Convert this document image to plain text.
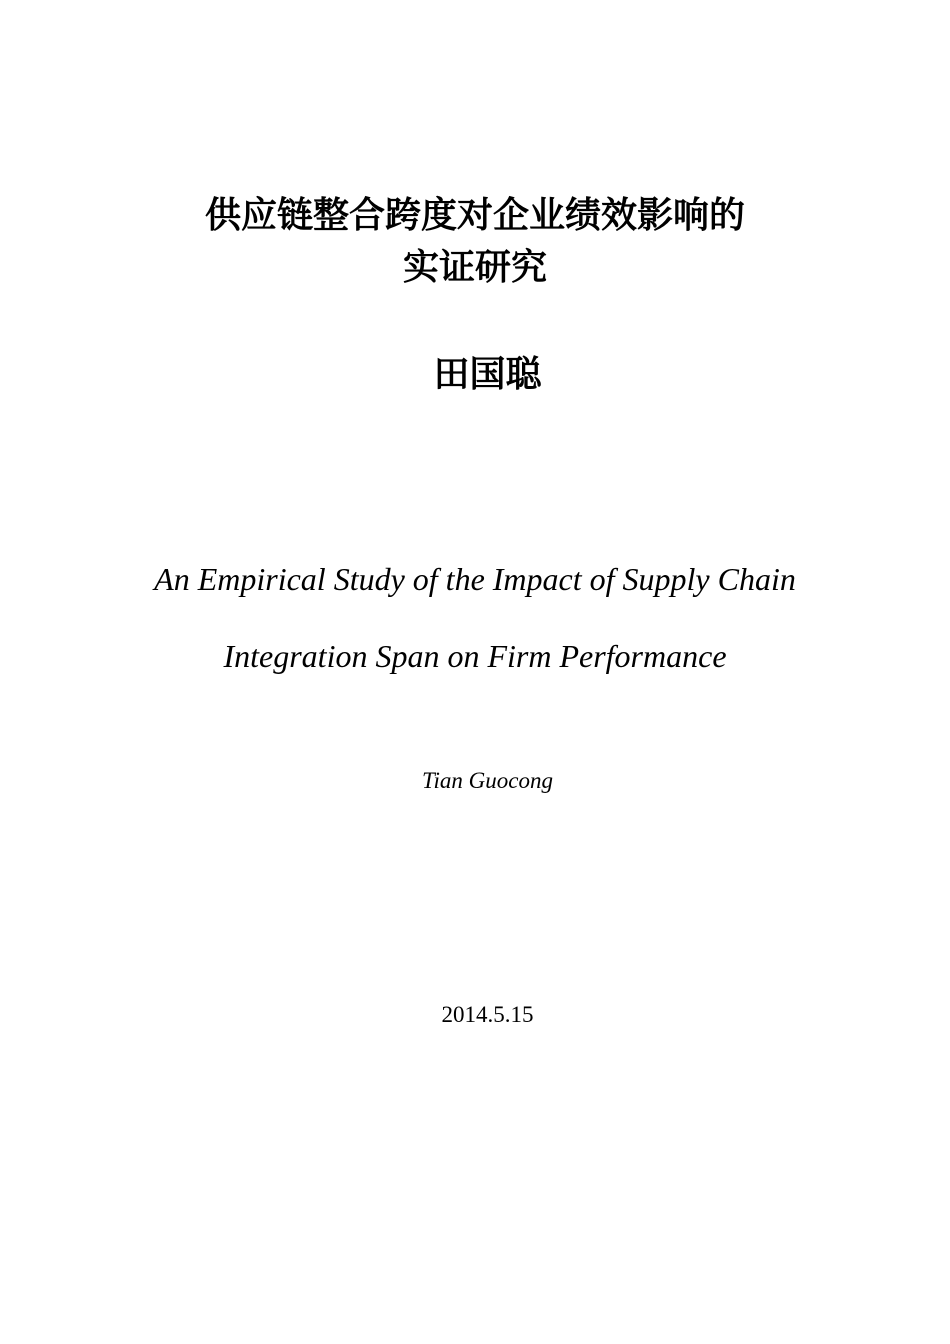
供应链整合跨度对企业绩效影响的
实证研究
田国聪
An Empirical Study of the Impact of Supply Chain
Integration Span on Firm Performance
Tian Guocong
2014.5.15
